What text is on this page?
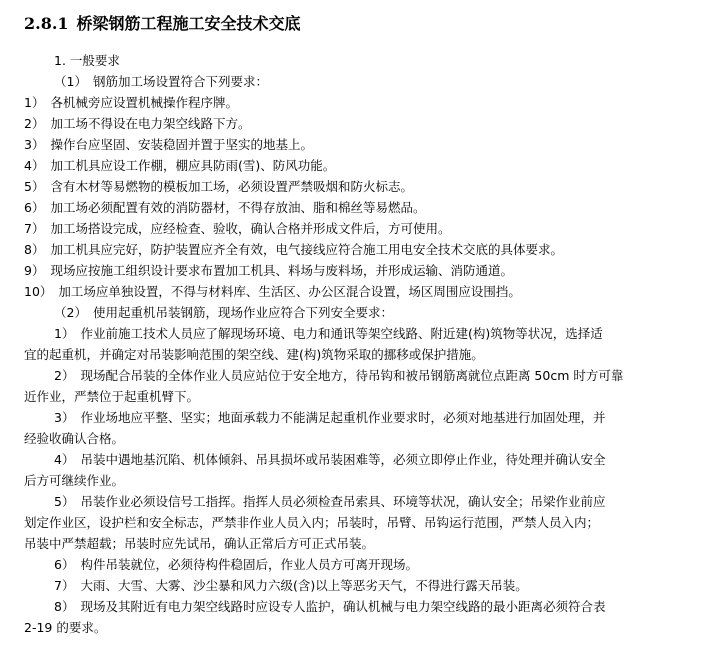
2.8.1 桥梁钢筋工程施工安全技术交底
1. 一般要求
（1） 钢筋加工场设置符合下列要求：
1） 各机械旁应设置机械操作程序牌。
2） 加工场不得设在电力架空线路下方。
3） 操作台应坚固、安装稳固并置于坚实的地基上。
4） 加工机具应设工作棚，棚应具防雨(雪)、防风功能。
5） 含有木材等易燃物的模板加工场，必须设置严禁吸烟和防火标志。
6） 加工场必须配置有效的消防器材，不得存放油、脂和棉丝等易燃品。
7） 加工场搭设完成，应经检查、验收，确认合格并形成文件后，方可使用。
8） 加工机具应完好，防护装置应齐全有效，电气接线应符合施工用电安全技术交底的具体要求。
9） 现场应按施工组织设计要求布置加工机具、料场与废料场，并形成运输、消防通道。
10） 加工场应单独设置，不得与材料库、生活区、办公区混合设置，场区周围应设围挡。
（2） 使用起重机吊装钢筋，现场作业应符合下列安全要求：
1） 作业前施工技术人员应了解现场环境、电力和通讯等架空线路、附近建(构)筑物等状况，选择适
宜的起重机，并确定对吊装影响范围的架空线、建(构)筑物采取的挪移或保护措施。
2） 现场配合吊装的全体作业人员应站位于安全地方，待吊钩和被吊钢筋离就位点距离 50cm 时方可靠
近作业，严禁位于起重机臂下。
3） 作业场地应平整、坚实；地面承载力不能满足起重机作业要求时，必须对地基进行加固处理，并
经验收确认合格。
4） 吊装中遇地基沉陷、机体倾斜、吊具损坏或吊装困难等，必须立即停止作业，待处理并确认安全
后方可继续作业。
5） 吊装作业必须设信号工指挥。指挥人员必须检查吊索具、环境等状况，确认安全；吊梁作业前应
划定作业区，设护栏和安全标志，严禁非作业人员入内；吊装时，吊臂、吊钩运行范围，严禁人员入内；
吊装中严禁超载；吊装时应先试吊，确认正常后方可正式吊装。
6） 构件吊装就位，必须待构件稳固后，作业人员方可离开现场。
7） 大雨、大雪、大雾、沙尘暴和风力六级(含)以上等恶劣天气，不得进行露天吊装。
8） 现场及其附近有电力架空线路时应设专人监护，确认机械与电力架空线路的最小距离必须符合表
2-19 的要求。
